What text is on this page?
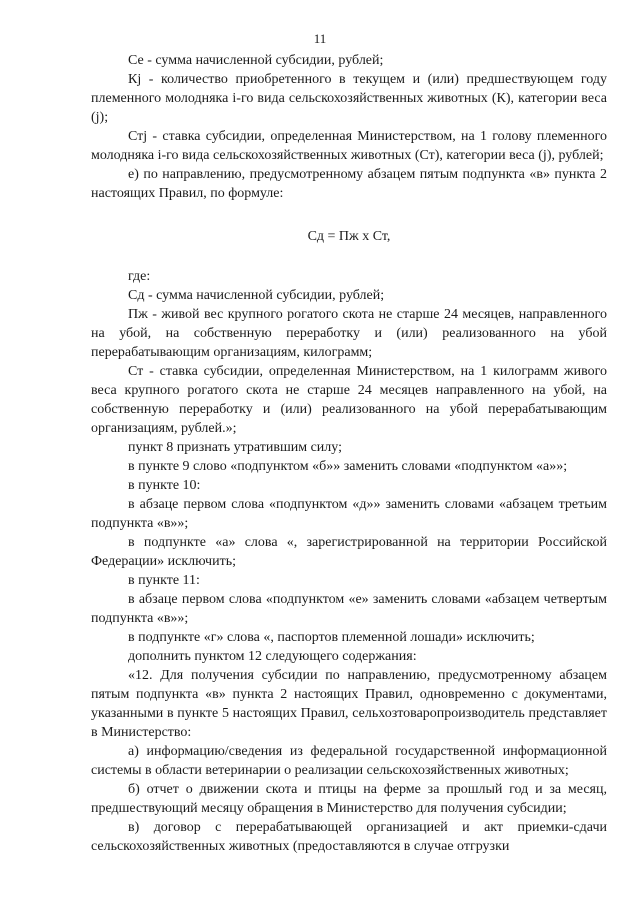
11

Се - сумма начисленной субсидии, рублей;

Кj - количество приобретенного в текущем и (или) предшествующем году племенного молодняка i-го вида сельскохозяйственных животных (К), категории веса (j);

Стj - ставка субсидии, определенная Министерством, на 1 голову племенного молодняка i-го вида сельскохозяйственных животных (Ст), категории веса (j), рублей;

е) по направлению, предусмотренному абзацем пятым подпункта «в» пункта 2 настоящих Правил, по формуле:

Сд = Пж х Ст,

где:

Сд - сумма начисленной субсидии, рублей;

Пж - живой вес крупного рогатого скота не старше 24 месяцев, направленного на убой, на собственную переработку и (или) реализованного на убой перерабатывающим организациям, килограмм;

Ст - ставка субсидии, определенная Министерством, на 1 килограмм живого веса крупного рогатого скота не старше 24 месяцев направленного на убой, на собственную переработку и (или) реализованного на убой перерабатывающим организациям, рублей.»;

пункт 8 признать утратившим силу;

в пункте 9 слово «подпунктом «б»» заменить словами «подпунктом «а»»;

в пункте 10:

в абзаце первом слова «подпунктом «д»» заменить словами «абзацем третьим подпункта «в»»;

в подпункте «а» слова «, зарегистрированной на территории Российской Федерации» исключить;

в пункте 11:

в абзаце первом слова «подпунктом «е» заменить словами «абзацем четвертым подпункта «в»»;

в подпункте «г» слова «, паспортов племенной лошади» исключить;

дополнить пунктом 12 следующего содержания:

«12. Для получения субсидии по направлению, предусмотренному абзацем пятым подпункта «в» пункта 2 настоящих Правил, одновременно с документами, указанными в пункте 5 настоящих Правил, сельхозтоваропроизводитель представляет в Министерство:

а) информацию/сведения из федеральной государственной информационной системы в области ветеринарии о реализации сельскохозяйственных животных;

б) отчет о движении скота и птицы на ферме за прошлый год и за месяц, предшествующий месяцу обращения в Министерство для получения субсидии;

в) договор с перерабатывающей организацией и акт приемки-сдачи сельскохозяйственных животных (предоставляются в случае отгрузки
